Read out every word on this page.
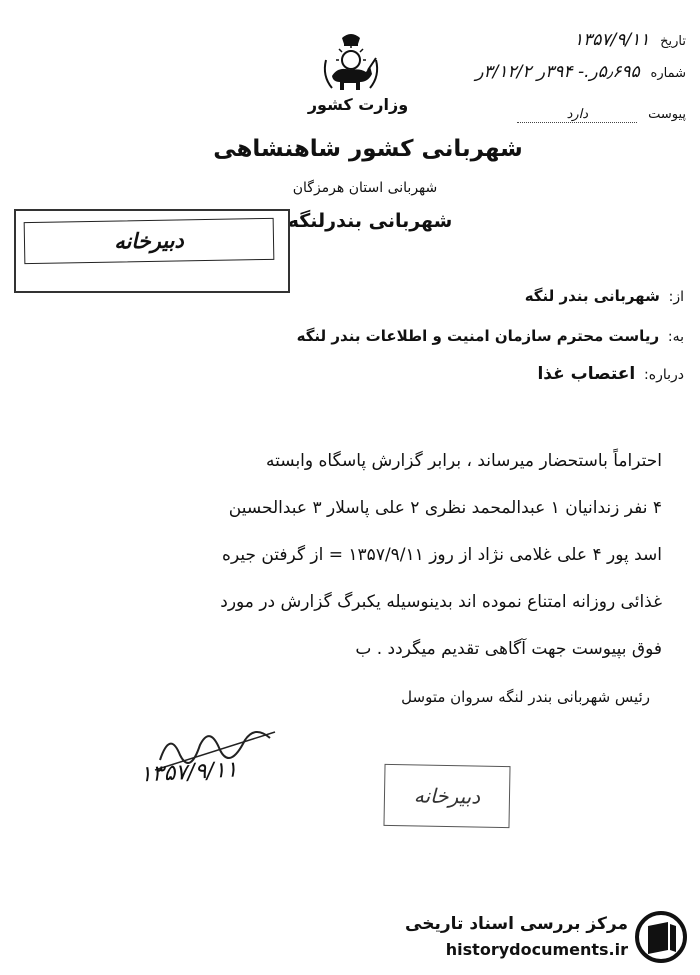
تاریخ ۱۳۵۷/۹/۱۱
شماره ۵٫۶۹۵ر.- ۳۹۴ر ۳/۱۲/۲ر
پیوست دارد
وزارت کشور
شهربانی کشور شاهنشاهی
شهربانی استان هرمزگان
شهربانی بندرلنگه
دبیرخانه
از: شهربانی بندر لنگه
به: ریاست محترم سازمان امنیت و اطلاعات بندر لنگه
درباره: اعتصاب غذا

احتراماً باستحضار میرساند ، برابر گزارش پاسگاه وابسته

۴ نفر زندانیان ۱ عبدالمحمد نظری ۲ علی پاسلار ۳ عبدالحسین

اسد پور ۴ علی غلامی نژاد از روز ۱۳۵۷/۹/۱۱ = از گرفتن جیره

غذائی روزانه امتناع نموده اند بدینوسیله یکبرگ گزارش در مورد

فوق بپیوست جهت آگاهی تقدیم میگردد . ب

رئیس شهربانی بندر لنگه سروان متوسل
۱۳۵۷/۹/۱۱
دبیرخانه
مرکز بررسی اسناد تاریخی
historydocuments.ir
